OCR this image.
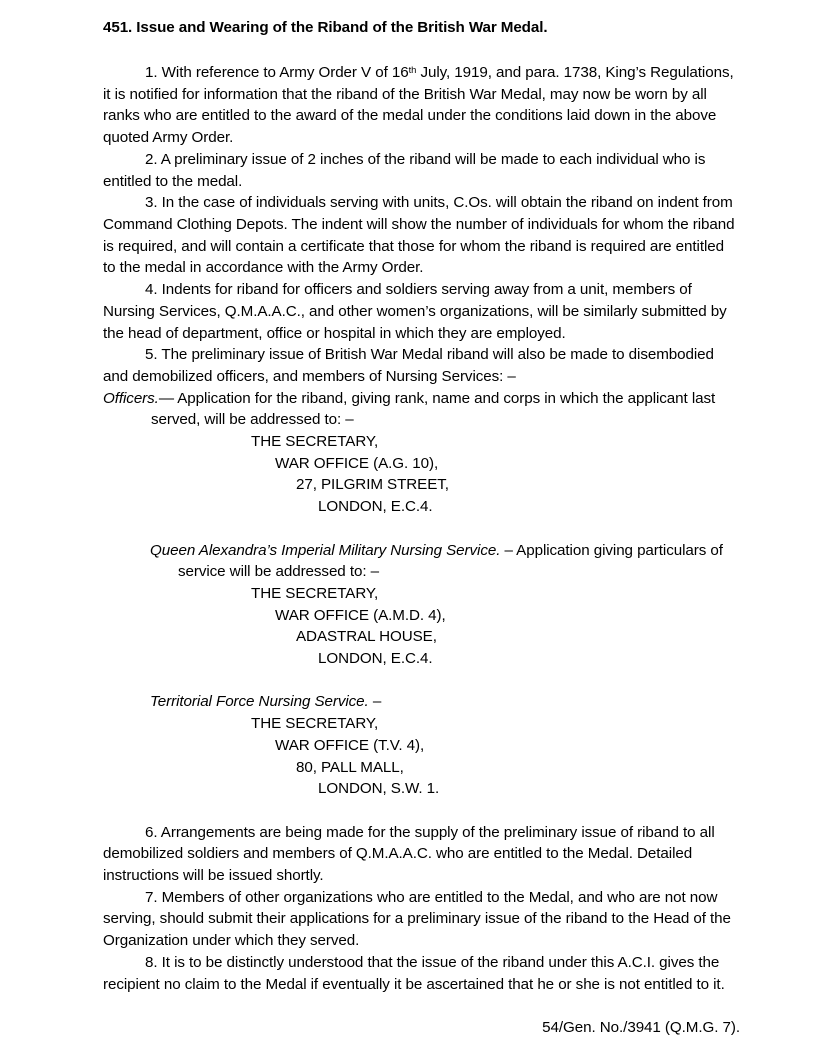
451. Issue and Wearing of the Riband of the British War Medal.

1. With reference to Army Order V of 16th July, 1919, and para. 1738, King’s Regulations, it is notified for information that the riband of the British War Medal, may now be worn by all ranks who are entitled to the award of the medal under the conditions laid down in the above quoted Army Order.

2. A preliminary issue of 2 inches of the riband will be made to each individual who is entitled to the medal.

3. In the case of individuals serving with units, C.Os. will obtain the riband on indent from Command Clothing Depots. The indent will show the number of individuals for whom the riband is required, and will contain a certificate that those for whom the riband is required are entitled to the medal in accordance with the Army Order.

4. Indents for riband for officers and soldiers serving away from a unit, members of Nursing Services, Q.M.A.A.C., and other women’s organizations, will be similarly submitted by the head of department, office or hospital in which they are employed.

5. The preliminary issue of British War Medal riband will also be made to disembodied and demobilized officers, and members of Nursing Services: –

Officers.— Application for the riband, giving rank, name and corps in which the applicant last served, will be addressed to: –

THE SECRETARY,

WAR OFFICE (A.G. 10),

27, PILGRIM STREET,

LONDON, E.C.4.

Queen Alexandra’s Imperial Military Nursing Service. – Application giving particulars of service will be addressed to: –

THE SECRETARY,

WAR OFFICE (A.M.D. 4),

ADASTRAL HOUSE,

LONDON, E.C.4.

Territorial Force Nursing Service. –

THE SECRETARY,

WAR OFFICE (T.V. 4),

80, PALL MALL,

LONDON, S.W. 1.

6. Arrangements are being made for the supply of the preliminary issue of riband to all demobilized soldiers and members of Q.M.A.A.C. who are entitled to the Medal. Detailed instructions will be issued shortly.

7. Members of other organizations who are entitled to the Medal, and who are not now serving, should submit their applications for a preliminary issue of the riband to the Head of the Organization under which they served.

8. It is to be distinctly understood that the issue of the riband under this A.C.I. gives the recipient no claim to the Medal if eventually it be ascertained that he or she is not entitled to it.

54/Gen. No./3941 (Q.M.G. 7).
